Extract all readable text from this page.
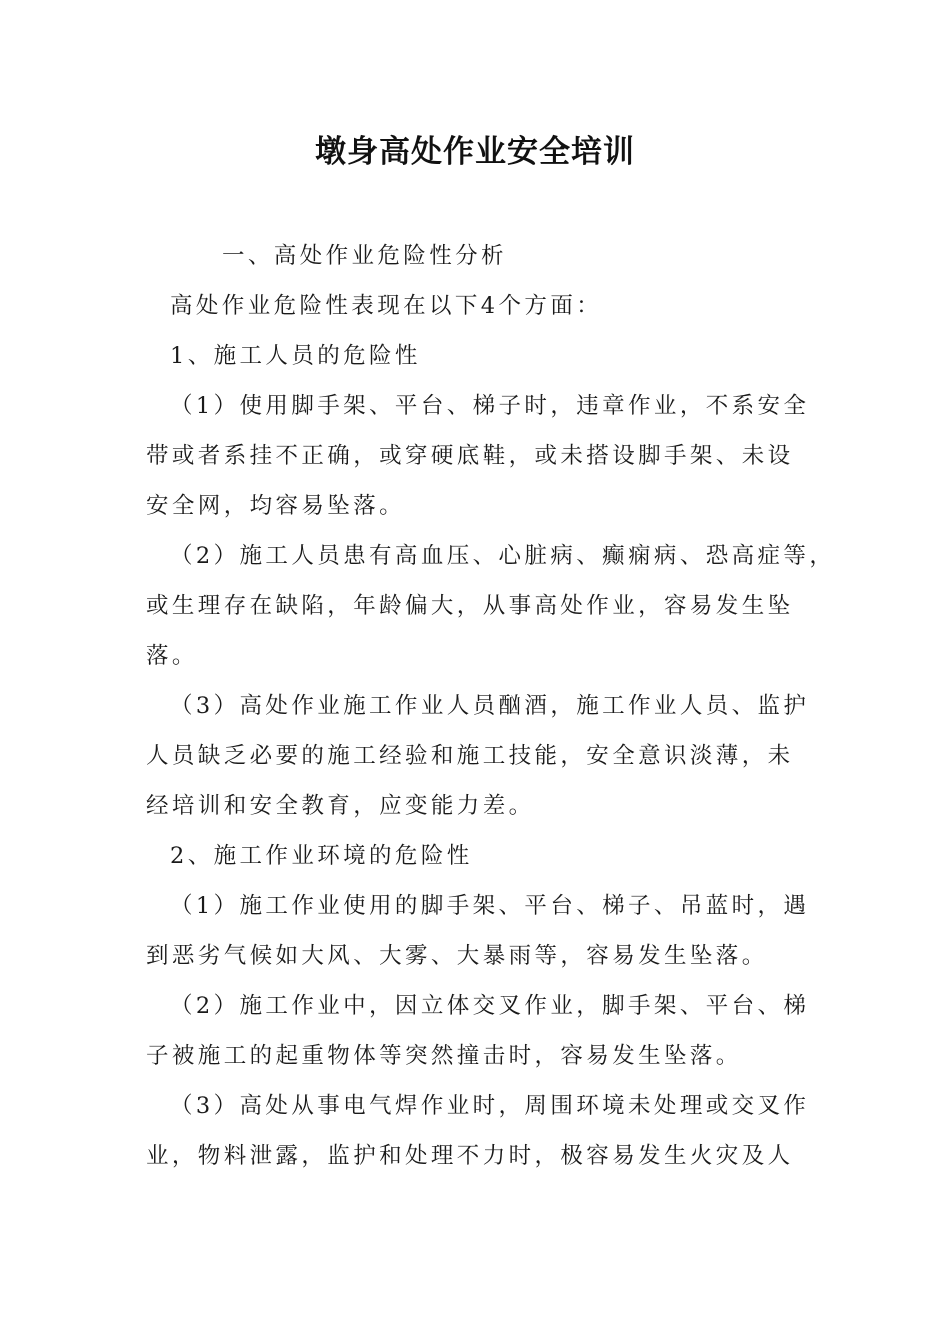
墩身高处作业安全培训
一、高处作业危险性分析
高处作业危险性表现在以下4个方面：
1、施工人员的危险性
（1）使用脚手架、平台、梯子时，违章作业，不系安全
带或者系挂不正确，或穿硬底鞋，或未搭设脚手架、未设
安全网，均容易坠落。
（2）施工人员患有高血压、心脏病、癫痫病、恐高症等，
或生理存在缺陷，年龄偏大，从事高处作业，容易发生坠
落。
（3）高处作业施工作业人员酗酒，施工作业人员、监护
人员缺乏必要的施工经验和施工技能，安全意识淡薄，未
经培训和安全教育，应变能力差。
2、施工作业环境的危险性
（1）施工作业使用的脚手架、平台、梯子、吊蓝时，遇
到恶劣气候如大风、大雾、大暴雨等，容易发生坠落。
（2）施工作业中，因立体交叉作业，脚手架、平台、梯
子被施工的起重物体等突然撞击时，容易发生坠落。
（3）高处从事电气焊作业时，周围环境未处理或交叉作
业，物料泄露，监护和处理不力时，极容易发生火灾及人
